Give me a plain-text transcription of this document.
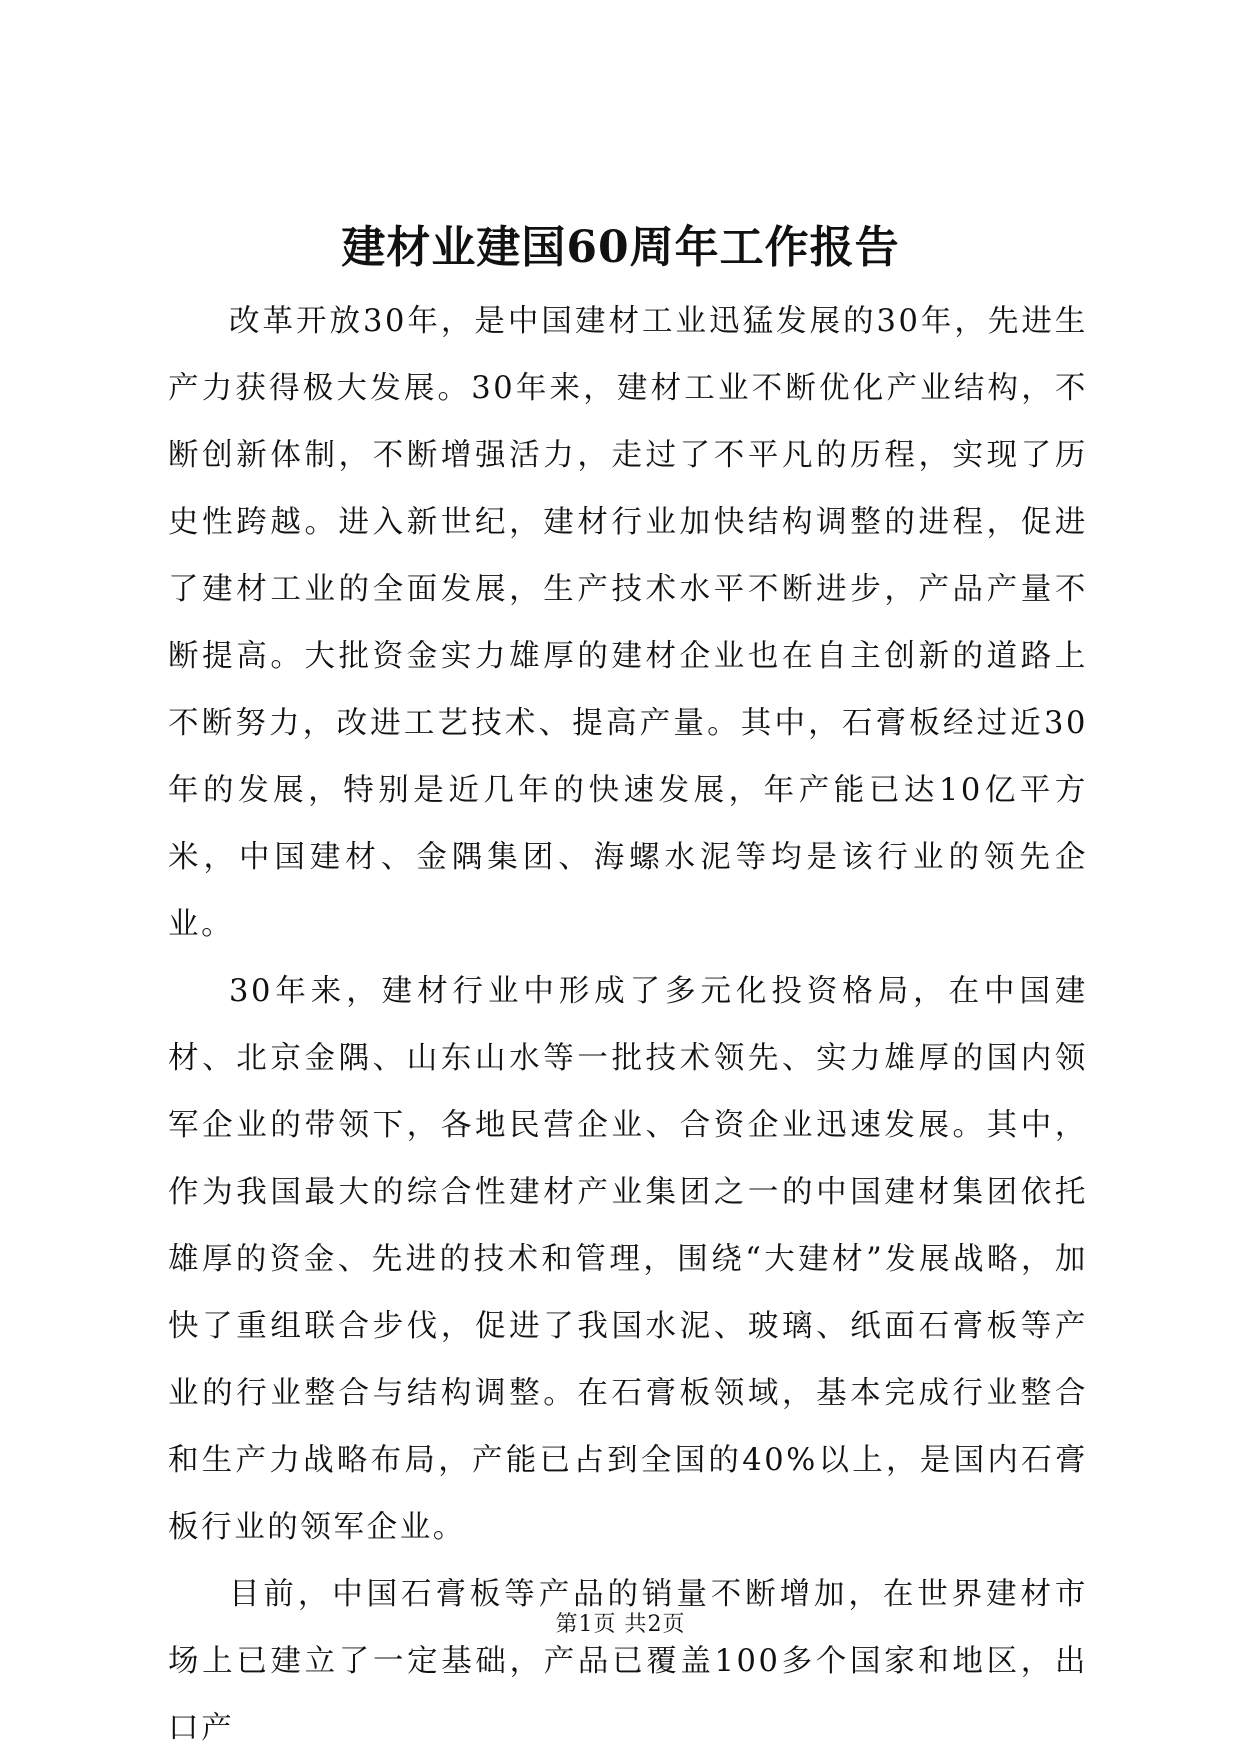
建材业建国60周年工作报告

改革开放30年，是中国建材工业迅猛发展的30年，先进生产力获得极大发展。30年来，建材工业不断优化产业结构，不断创新体制，不断增强活力，走过了不平凡的历程，实现了历史性跨越。进入新世纪，建材行业加快结构调整的进程，促进了建材工业的全面发展，生产技术水平不断进步，产品产量不断提高。大批资金实力雄厚的建材企业也在自主创新的道路上不断努力，改进工艺技术、提高产量。其中，石膏板经过近30年的发展，特别是近几年的快速发展，年产能已达10亿平方米，中国建材、金隅集团、海螺水泥等均是该行业的领先企业。

30年来，建材行业中形成了多元化投资格局，在中国建材、北京金隅、山东山水等一批技术领先、实力雄厚的国内领军企业的带领下，各地民营企业、合资企业迅速发展。其中，作为我国最大的综合性建材产业集团之一的中国建材集团依托雄厚的资金、先进的技术和管理，围绕“大建材”发展战略，加快了重组联合步伐，促进了我国水泥、玻璃、纸面石膏板等产业的行业整合与结构调整。在石膏板领域，基本完成行业整合和生产力战略布局，产能已占到全国的40%以上，是国内石膏板行业的领军企业。

目前，中国石膏板等产品的销量不断增加，在世界建材市场上已建立了一定基础，产品已覆盖100多个国家和地区，出口产

第1页 共2页
